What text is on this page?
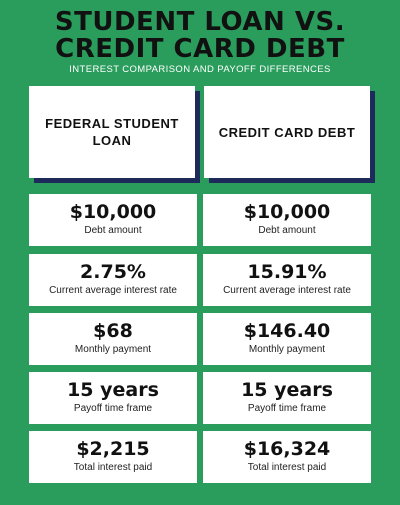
STUDENT LOAN VS.
CREDIT CARD DEBT
INTEREST COMPARISON AND PAYOFF DIFFERENCES
FEDERAL STUDENT LOAN
CREDIT CARD DEBT
$10,000
Debt amount
$10,000
Debt amount
2.75%
Current average interest rate
15.91%
Current average interest rate
$68
Monthly payment
$146.40
Monthly payment
15 years
Payoff time frame
15 years
Payoff time frame
$2,215
Total interest paid
$16,324
Total interest paid
